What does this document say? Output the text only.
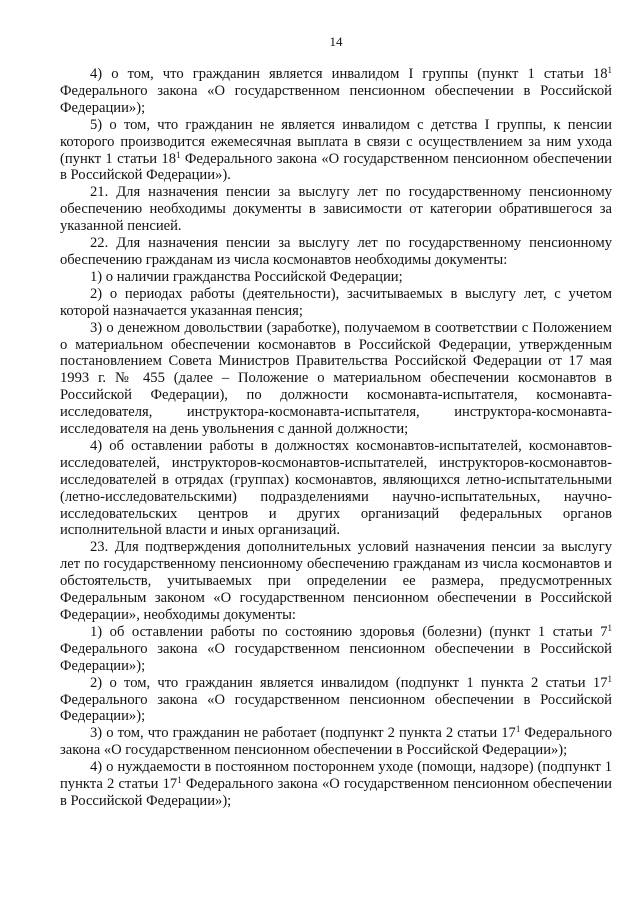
14

4) о том, что гражданин является инвалидом I группы (пункт 1 статьи $18^1$ Федерального закона «О государственном пенсионном обеспечении в Российской Федерации»);

5) о том, что гражданин не является инвалидом с детства I группы, к пенсии которого производится ежемесячная выплата в связи с осуществлением за ним ухода (пункт 1 статьи $18^1$ Федерального закона «О государственном пенсионном обеспечении в Российской Федерации»).

21. Для назначения пенсии за выслугу лет по государственному пенсионному обеспечению необходимы документы в зависимости от категории обратившегося за указанной пенсией.

22. Для назначения пенсии за выслугу лет по государственному пенсионному обеспечению гражданам из числа космонавтов необходимы документы:

1) о наличии гражданства Российской Федерации;

2) о периодах работы (деятельности), засчитываемых в выслугу лет, с учетом которой назначается указанная пенсия;

3) о денежном довольствии (заработке), получаемом в соответствии с Положением о материальном обеспечении космонавтов в Российской Федерации, утвержденным постановлением Совета Министров Правительства Российской Федерации от 17 мая 1993 г. № 455 (далее – Положение о материальном обеспечении космонавтов в Российской Федерации), по должности космонавта-испытателя, космонавта-исследователя, инструктора-космонавта-испытателя, инструктора-космонавта-исследователя на день увольнения с данной должности;

4) об оставлении работы в должностях космонавтов-испытателей, космонавтов-исследователей, инструкторов-космонавтов-испытателей, инструкторов-космонавтов-исследователей в отрядах (группах) космонавтов, являющихся летно-испытательными (летно-исследовательскими) подразделениями научно-испытательных, научно-исследовательских центров и других организаций федеральных органов исполнительной власти и иных организаций.

23. Для подтверждения дополнительных условий назначения пенсии за выслугу лет по государственному пенсионному обеспечению гражданам из числа космонавтов и обстоятельств, учитываемых при определении ее размера, предусмотренных Федеральным законом «О государственном пенсионном обеспечении в Российской Федерации», необходимы документы:

1) об оставлении работы по состоянию здоровья (болезни) (пункт 1 статьи $7^1$ Федерального закона «О государственном пенсионном обеспечении в Российской Федерации»);

2) о том, что гражданин является инвалидом (подпункт 1 пункта 2 статьи $17^1$ Федерального закона «О государственном пенсионном обеспечении в Российской Федерации»);

3) о том, что гражданин не работает (подпункт 2 пункта 2 статьи $17^1$ Федерального закона «О государственном пенсионном обеспечении в Российской Федерации»);

4) о нуждаемости в постоянном постороннем уходе (помощи, надзоре) (подпункт 1 пункта 2 статьи $17^1$ Федерального закона «О государственном пенсионном обеспечении в Российской Федерации»);
